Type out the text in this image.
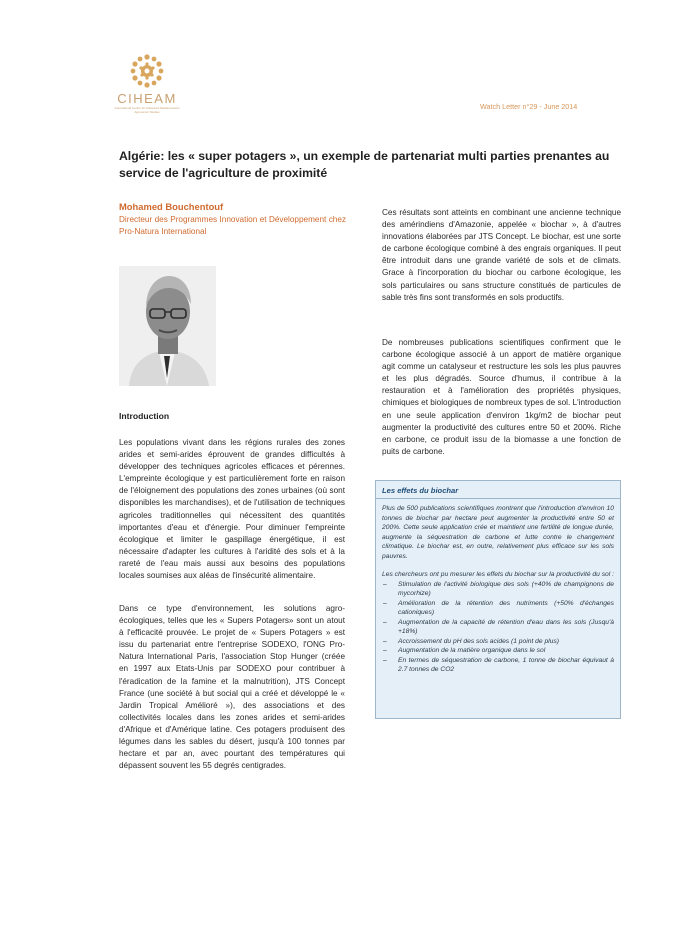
CIHEAM
International Centre for Advanced Mediterranean Agronomic Studies
Watch Letter n°29 - June 2014
Algérie: les « super potagers », un exemple de partenariat multi parties prenantes au service de l'agriculture de proximité
Mohamed Bouchentouf
Directeur des Programmes Innovation et Développement chez Pro-Natura International
Introduction

Les populations vivant dans les régions rurales des zones arides et semi-arides éprouvent de grandes difficultés à développer des techniques agricoles efficaces et pérennes. L'empreinte écologique y est particulièrement forte en raison de l'éloignement des populations des zones urbaines (où sont disponibles les marchandises), et de l'utilisation de techniques agricoles traditionnelles qui nécessitent des quantités importantes d'eau et d'énergie. Pour diminuer l'empreinte écologique et limiter le gaspillage énergétique, il est nécessaire d'adapter les cultures à l'aridité des sols et à la rareté de l'eau mais aussi aux besoins des populations locales soumises aux aléas de l'insécurité alimentaire.

Dans ce type d'environnement, les solutions agro-écologiques, telles que les « Supers Potagers» sont un atout à l'efficacité prouvée. Le projet de « Supers Potagers » est issu du partenariat entre l'entreprise SODEXO, l'ONG Pro-Natura International Paris, l'association Stop Hunger (créée en 1997 aux Etats-Unis par SODEXO pour contribuer à l'éradication de la famine et la malnutrition), JTS Concept France (une société à but social qui a créé et développé le « Jardin Tropical Amélioré »), des associations et des collectivités locales dans les zones arides et semi-arides d'Afrique et d'Amérique latine. Ces potagers produisent des légumes dans les sables du désert, jusqu'à 100 tonnes par hectare et par an, avec pourtant des températures qui dépassent souvent les 55 degrés centigrades.

Ces résultats sont atteints en combinant une ancienne technique des amérindiens d'Amazonie, appelée « biochar », à d'autres innovations élaborées par JTS Concept. Le biochar, est une sorte de carbone écologique combiné à des engrais organiques. Il peut être introduit dans une grande variété de sols et de climats. Grace à l'incorporation du biochar ou carbone écologique, les sols particulaires ou sans structure constitués de particules de sable très fins sont transformés en sols productifs.

De nombreuses publications scientifiques confirment que le carbone écologique associé à un apport de matière organique agit comme un catalyseur et restructure les sols les plus pauvres et les plus dégradés. Source d'humus, il contribue à la restauration et à l'amélioration des propriétés physiques, chimiques et biologiques de nombreux types de sol. L'introduction en une seule application d'environ 1kg/m2 de biochar peut augmenter la productivité des cultures entre 50 et 200%. Riche en carbone, ce produit issu de la biomasse a une fonction de puits de carbone.

Les effets du biochar

Plus de 500 publications scientifiques montrent que l'introduction d'environ 10 tonnes de biochar par hectare peut augmenter la productivité entre 50 et 200%. Cette seule application crée et maintient une fertilité de longue durée, augmente la séquestration de carbone et lutte contre le changement climatique. Le biochar est, en outre, relativement plus efficace sur les sols pauvres.

Les chercheurs ont pu mesurer les effets du biochar sur la productivité du sol :

– Stimulation de l'activité biologique des sols (+40% de champignons de mycorhize)
– Amélioration de la rétention des nutriments (+50% d'échanges cationiques)
– Augmentation de la capacité de rétention d'eau dans les sols (Jusqu'à +18%)
– Accroissement du pH des sols acides (1 point de plus)
– Augmentation de la matière organique dans le sol
– En termes de séquestration de carbone, 1 tonne de biochar équivaut à 2.7 tonnes de CO2
